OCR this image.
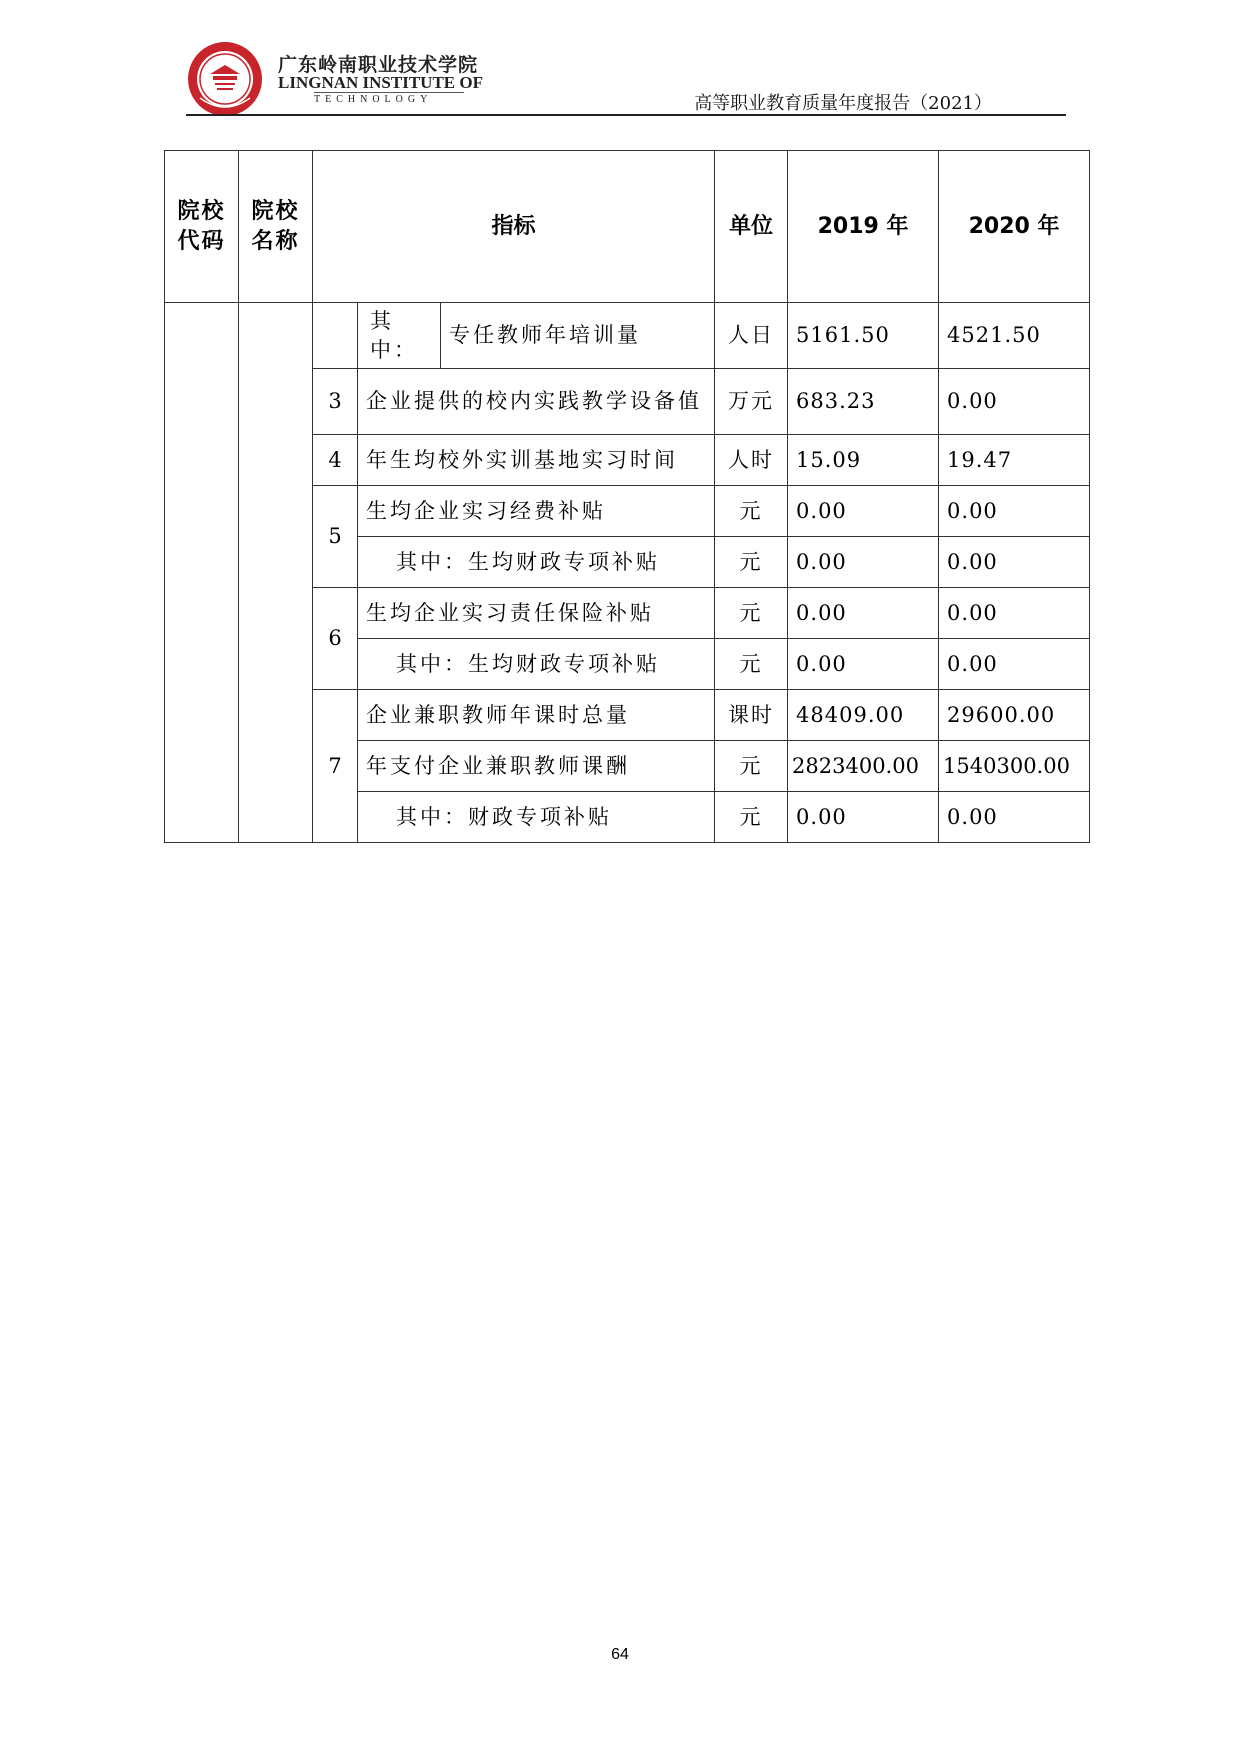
广东岭南职业技术学院
LINGNAN INSTITUTE OF
TECHNOLOGY	高等职业教育质量年度报告（2021）
院校代码	院校名称	指标			单位	2019 年	2020 年
			其中：	专任教师年培训量	人日	5161.50	4521.50
		3	企业提供的校内实践教学设备值		万元	683.23	0.00
		4	年生均校外实训基地实习时间		人时	15.09	19.47
		5	生均企业实习经费补贴		元	0.00	0.00
			其中：生均财政专项补贴		元	0.00	0.00
		6	生均企业实习责任保险补贴		元	0.00	0.00
			其中：生均财政专项补贴		元	0.00	0.00
		7	企业兼职教师年课时总量		课时	48409.00	29600.00
			年支付企业兼职教师课酬		元	2823400.00	1540300.00
			其中：财政专项补贴		元	0.00	0.00
64
